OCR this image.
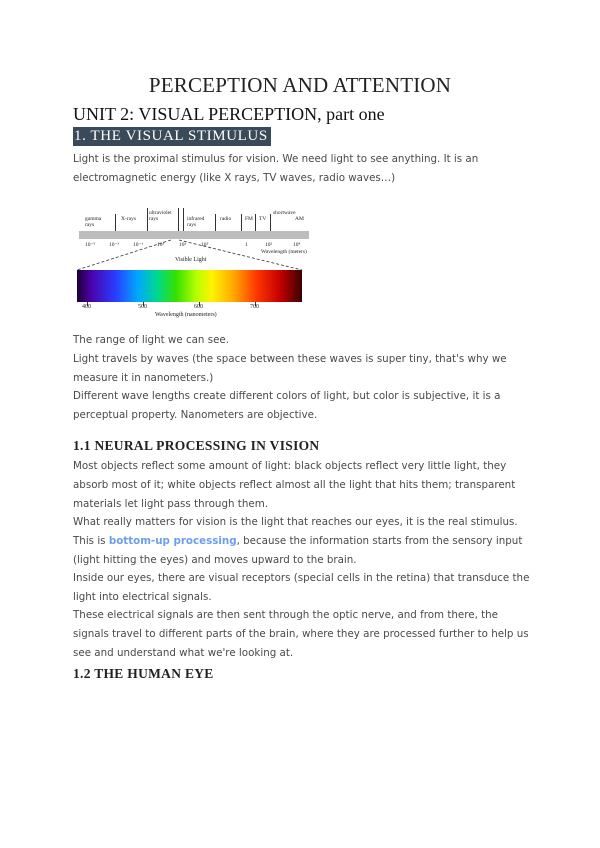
PERCEPTION AND ATTENTION
UNIT 2: VISUAL PERCEPTION, part one
1. THE VISUAL STIMULUS

Light is the proximal stimulus for vision. We need light to see anything. It is an electromagnetic energy (like X rays, TV waves, radio waves…)

gamma rays
X-rays
ultraviolet rays	infrared rays
radio FM TV
shortwave
AM
10⁻⁵ 10⁻³	10⁻¹	10¹	10³	10⁵	1	10²	10⁴
Wavelength (meters)
Visible Light
400	500	600	700
Wavelength (nanometers)

The range of light we can see.

Light travels by waves (the space between these waves is super tiny, that's why we measure it in nanometers.)

Different wave lengths create different colors of light, but color is subjective, it is a perceptual property. Nanometers are objective.

1.1 NEURAL PROCESSING IN VISION

Most objects reflect some amount of light: black objects reflect very little light, they absorb most of it; white objects reflect almost all the light that hits them; transparent materials let light pass through them.

What really matters for vision is the light that reaches our eyes, it is the real stimulus.

This is bottom-up processing, because the information starts from the sensory input (light hitting the eyes) and moves upward to the brain.

Inside our eyes, there are visual receptors (special cells in the retina) that transduce the light into electrical signals.

These electrical signals are then sent through the optic nerve, and from there, the signals travel to different parts of the brain, where they are processed further to help us see and understand what we're looking at.

1.2 THE HUMAN EYE
